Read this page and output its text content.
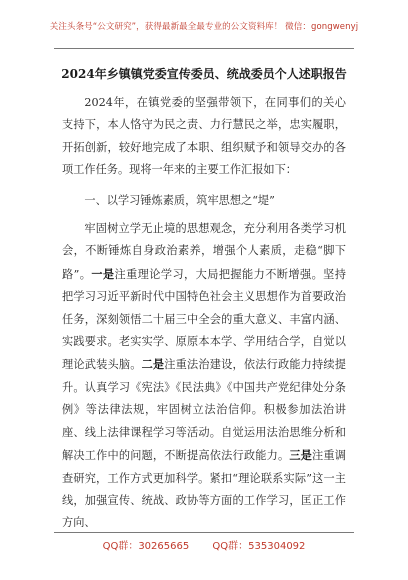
关注头条号“公文研究”，获得最新最全最专业的公文资料库！ 微信：gongwenyj
2024年乡镇镇党委宣传委员、统战委员个人述职报告

2024年，在镇党委的坚强带领下，在同事们的关心支持下，本人恪守为民之责、力行慧民之举，忠实履职，开拓创新，较好地完成了本职、组织赋予和领导交办的各项工作任务。现将一年来的主要工作汇报如下：

一、以学习锤炼素质，筑牢思想之“堤”

牢固树立学无止境的思想观念，充分利用各类学习机会，不断锤炼自身政治素养，增强个人素质，走稳“脚下路”。一是注重理论学习，大局把握能力不断增强。坚持把学习习近平新时代中国特色社会主义思想作为首要政治任务，深刻领悟二十届三中全会的重大意义、丰富内涵、实践要求。老实实学、原原本本学、学用结合学，自觉以理论武装头脑。二是注重法治建设，依法行政能力持续提升。认真学习《宪法》《民法典》《中国共产党纪律处分条例》等法律法规，牢固树立法治信仰。积极参加法治讲座、线上法律课程学习等活动。自觉运用法治思维分析和解决工作中的问题，不断提高依法行政能力。三是注重调查研究，工作方式更加科学。紧扣“理论联系实际”这一主线，加强宣传、统战、政协等方面的工作学习，匡正工作方向、

QQ群：30265665 QQ群：535304092
